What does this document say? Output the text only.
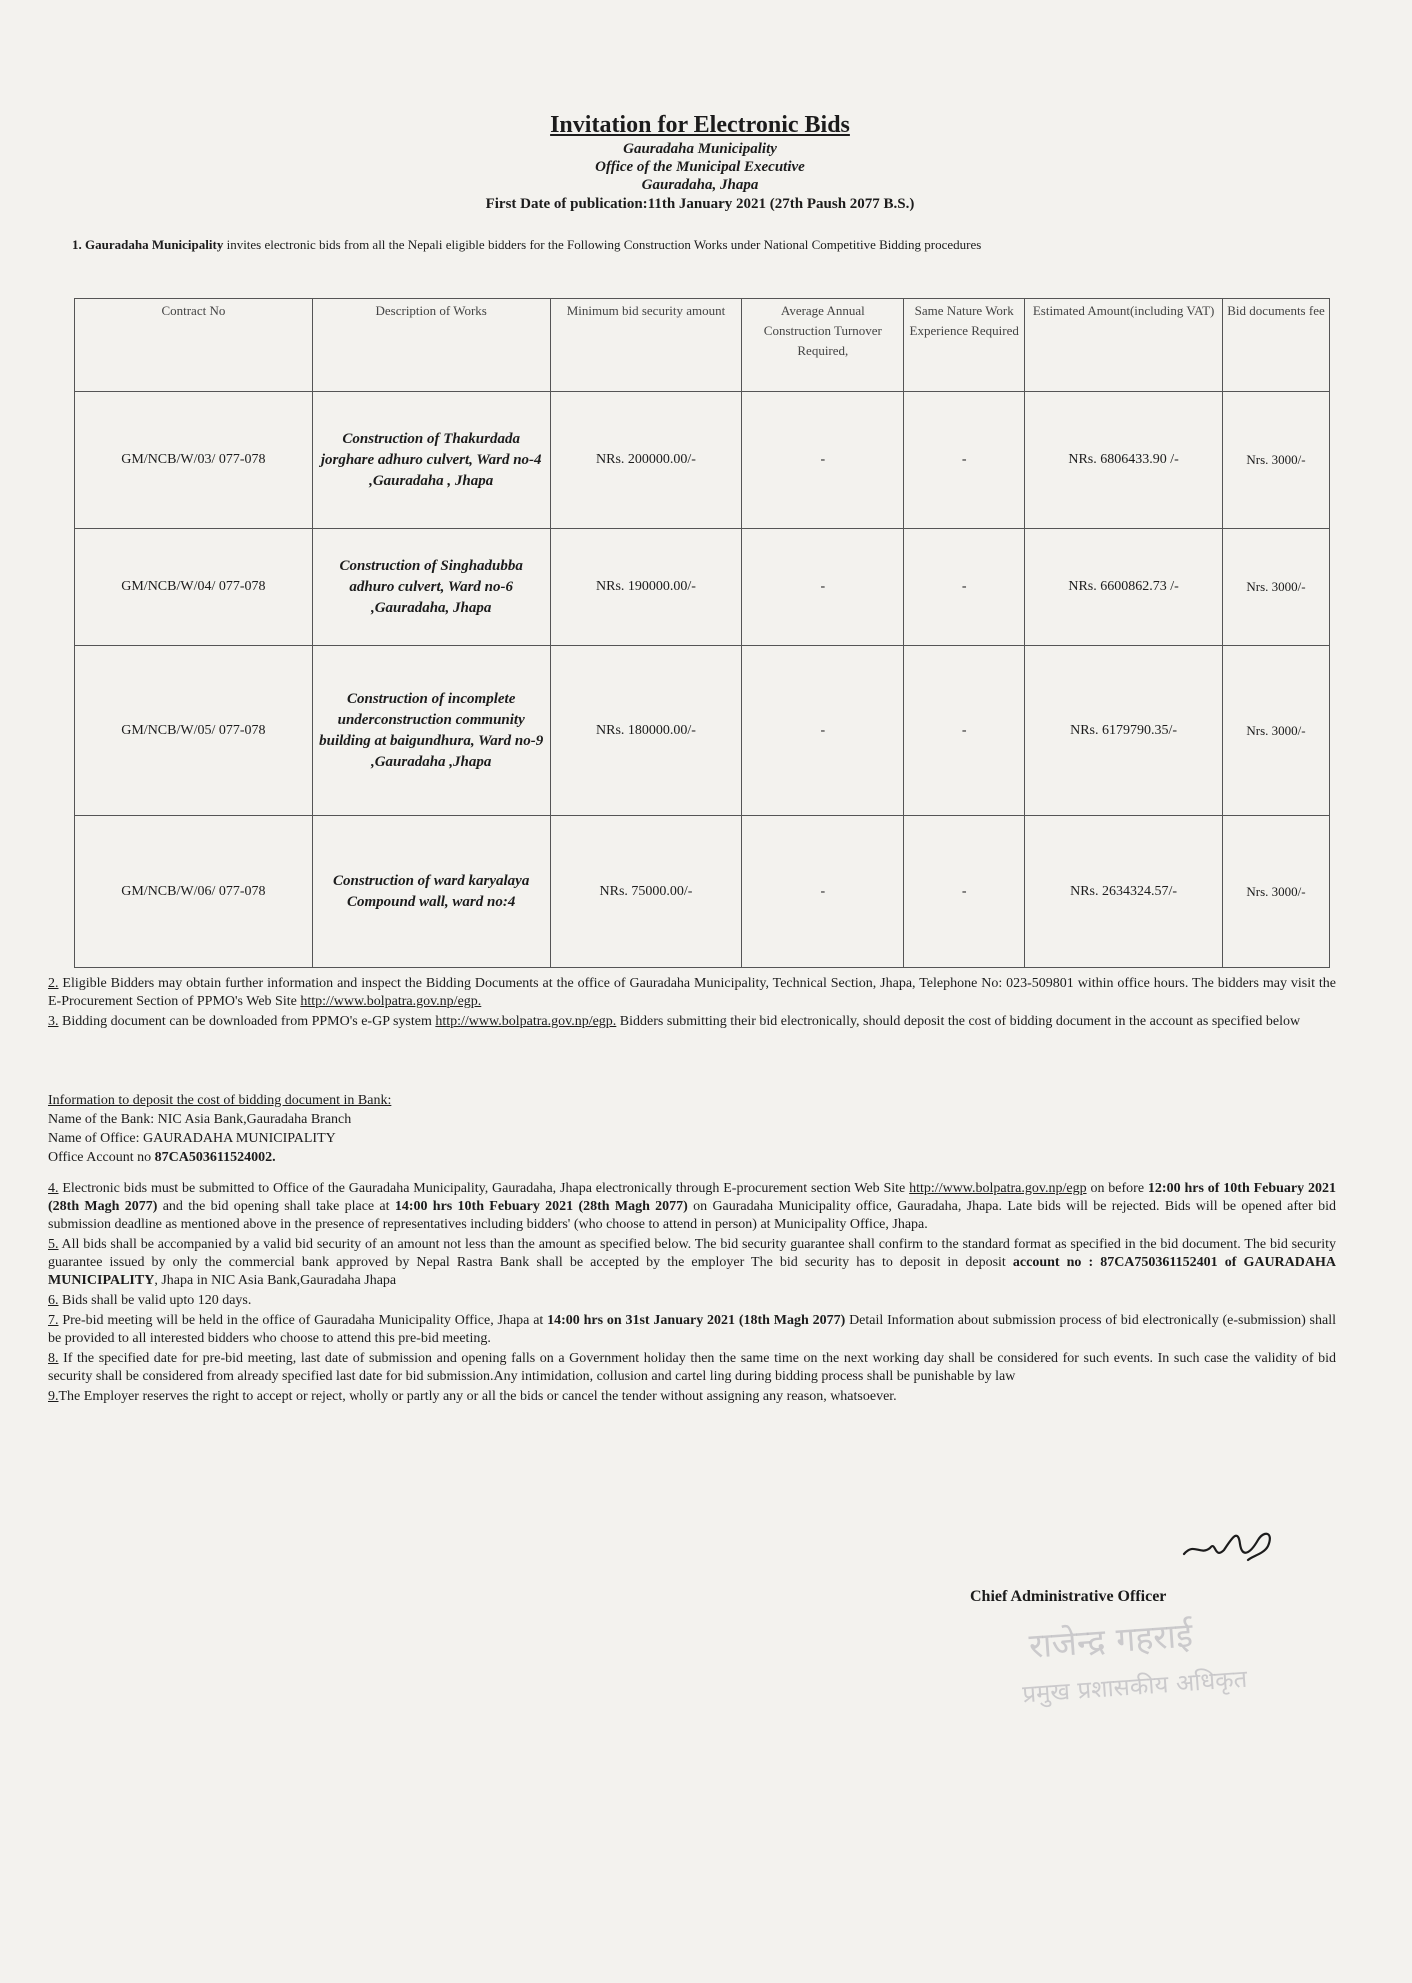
Invitation for Electronic Bids

Gauradaha Municipality

Office of the Municipal Executive

Gauradaha, Jhapa

First Date of publication:11th January 2021 (27th Paush 2077 B.S.)

1. Gauradaha Municipality invites electronic bids from all the Nepali eligible bidders for the Following Construction Works under National Competitive Bidding procedures
Contract No	Description of Works	Minimum bid security amount	Average Annual Construction Turnover Required,	Same Nature Work Experience Required	Estimated Amount(including VAT)	Bid documents fee
GM/NCB/W/03/ 077-078	Construction of Thakurdada jorghare adhuro culvert, Ward no-4 ,Gauradaha , Jhapa	NRs. 200000.00/-	-	-	NRs. 6806433.90 /-	Nrs. 3000/-
GM/NCB/W/04/ 077-078	Construction of Singhadubba adhuro culvert, Ward no-6 ,Gauradaha, Jhapa	NRs. 190000.00/-	-	-	NRs. 6600862.73 /-	Nrs. 3000/-
GM/NCB/W/05/ 077-078	Construction of incomplete underconstruction community building at baigundhura, Ward no-9 ,Gauradaha ,Jhapa	NRs. 180000.00/-	-	-	NRs. 6179790.35/-	Nrs. 3000/-
GM/NCB/W/06/ 077-078	Construction of ward karyalaya Compound wall, ward no:4	NRs. 75000.00/-	-	-	NRs. 2634324.57/-	Nrs. 3000/-

2. Eligible Bidders may obtain further information and inspect the Bidding Documents at the office of Gauradaha Municipality, Technical Section, Jhapa, Telephone No: 023-509801 within office hours. The bidders may visit the E-Procurement Section of PPMO's Web Site http://www.bolpatra.gov.np/egp.

3. Bidding document can be downloaded from PPMO's e-GP system http://www.bolpatra.gov.np/egp. Bidders submitting their bid electronically, should deposit the cost of bidding document in the account as specified below

Information to deposit the cost of bidding document in Bank:

Name of the Bank: NIC Asia Bank,Gauradaha Branch

Name of Office: GAURADAHA MUNICIPALITY

Office Account no 87CA503611524002.

4. Electronic bids must be submitted to Office of the Gauradaha Municipality, Gauradaha, Jhapa electronically through E-procurement section Web Site http://www.bolpatra.gov.np/egp on before 12:00 hrs of 10th Febuary 2021 (28th Magh 2077) and the bid opening shall take place at 14:00 hrs 10th Febuary 2021 (28th Magh 2077) on Gauradaha Municipality office, Gauradaha, Jhapa. Late bids will be rejected. Bids will be opened after bid submission deadline as mentioned above in the presence of representatives including bidders' (who choose to attend in person) at Municipality Office, Jhapa.

5. All bids shall be accompanied by a valid bid security of an amount not less than the amount as specified below. The bid security guarantee shall confirm to the standard format as specified in the bid document. The bid security guarantee issued by only the commercial bank approved by Nepal Rastra Bank shall be accepted by the employer The bid security has to deposit in deposit account no : 87CA750361152401 of GAURADAHA MUNICIPALITY, Jhapa in NIC Asia Bank,Gauradaha Jhapa

6. Bids shall be valid upto 120 days.

7. Pre-bid meeting will be held in the office of Gauradaha Municipality Office, Jhapa at 14:00 hrs on 31st January 2021 (18th Magh 2077) Detail Information about submission process of bid electronically (e-submission) shall be provided to all interested bidders who choose to attend this pre-bid meeting.

8. If the specified date for pre-bid meeting, last date of submission and opening falls on a Government holiday then the same time on the next working day shall be considered for such events. In such case the validity of bid security shall be considered from already specified last date for bid submission.Any intimidation, collusion and cartel ling during bidding process shall be punishable by law

9.The Employer reserves the right to accept or reject, wholly or partly any or all the bids or cancel the tender without assigning any reason, whatsoever.

Chief Administrative Officer
राजेन्द्र गहराई
प्रमुख प्रशासकीय अधिकृत
